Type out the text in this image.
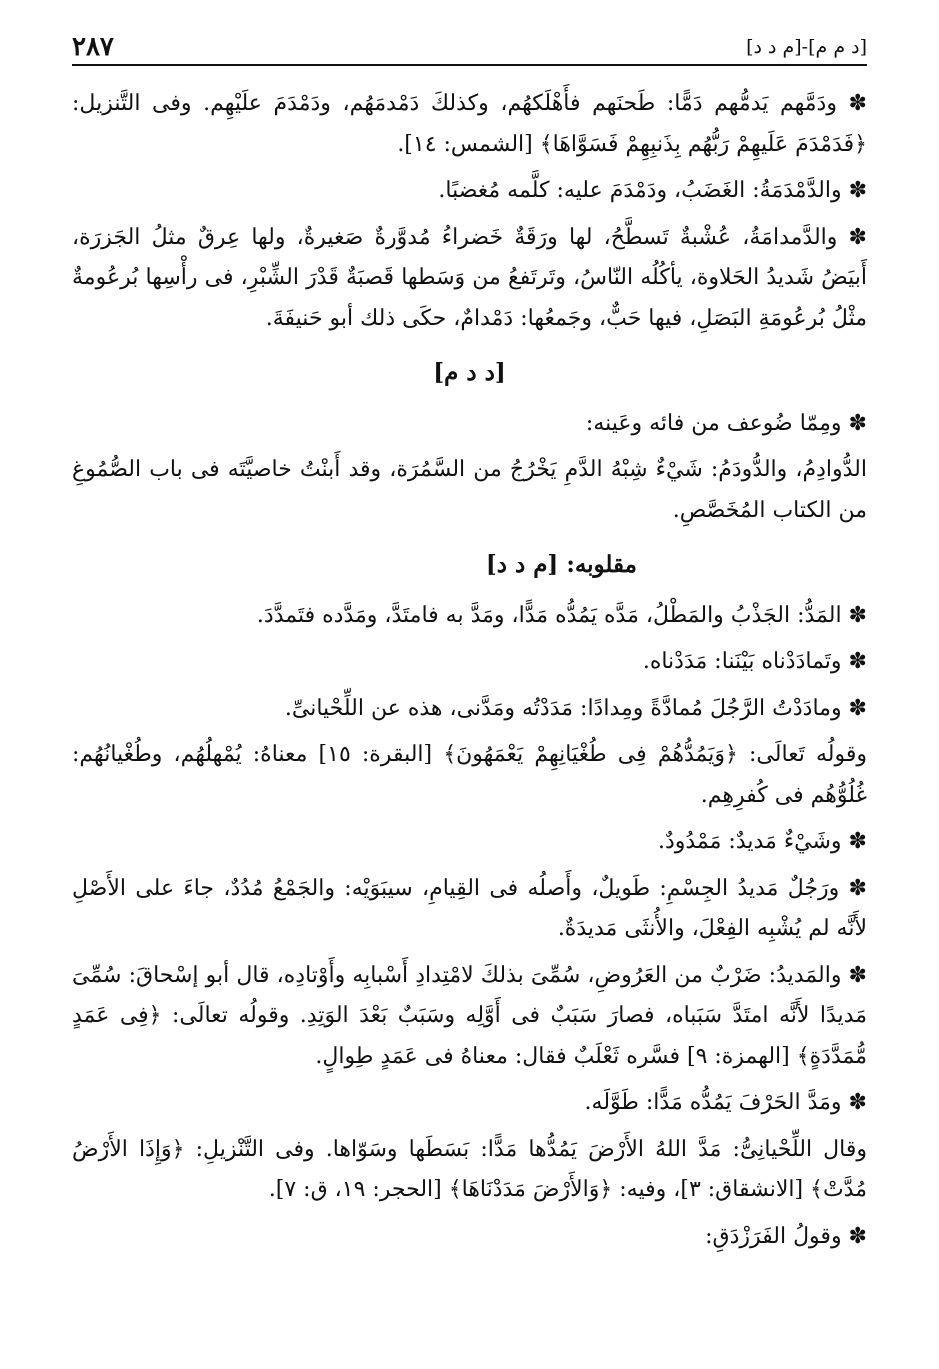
٢٨٧	[د م م]-[م د د]

✽ ودَمَّهم يَدمُّهم دَمًّا: طَحنَهم فأَهْلَكهُم، وكذلكَ دَمْدمَهُم، ودَمْدَمَ علَيْهِم. وفى التَّنزيل: ﴿فَدَمْدَمَ عَلَيهِمْ رَبُّهُم بِذَنبِهِمْ فَسَوَّاهَا﴾ [الشمس: ١٤].

✽ والدَّمْدَمَةُ: الغَضَبُ، ودَمْدَمَ عليه: كلَّمه مُغضبًا.

✽ والدَّمدامَةُ، عُشْبةٌ تَسطَّحُ، لها ورَقَةٌ خَضراءُ مُدوَّرةٌ صَغيرةٌ، ولها عِرقٌ مثلُ الجَزرَة، أَبيَضُ شَديدُ الحَلاوة، يأكُلُه النّاسُ، وتَرتَفعُ من وَسَطها قَصبَةٌ قَدْرَ الشِّبْرِ، فى رأْسِها بُرعُومةٌ مثْلُ بُرعُومَةِ البَصَلِ، فيها حَبٌّ، وجَمعُها: دَمْدامٌ، حكَى ذلك أبو حَنيفَةَ.

[د د م]

✽ ومِمّا ضُوعف من فائه وعَينه:

الدُّوادِمُ، والدُّودَمُ: شَيْءٌ شِبْهُ الدَّمِ يَخْرُجُ من السَّمُرَة، وقد أَبنْتُ خاصيَّتَه فى باب الصُّمُوغِ من الكتاب المُخَصَّصِ.

مقلوبه: [م د د]

✽ المَدُّ: الجَذْبُ والمَطْلُ، مَدَّه يَمُدُّه مَدًّا، ومَدَّ به فامتَدَّ، ومَدَّده فتَمدَّدَ.

✽ وتَمادَدْناه بَيْنَنا: مَدَدْناه.

✽ ومادَدْتُ الرَّجُلَ مُمادَّةً ومِدادًا: مَدَدْتُه ومَدَّنى، هذه عن اللِّحْيانىِّ.

وقولُه تَعالَى: ﴿وَيَمُدُّهُمْ فِى طُغْيَانِهِمْ يَعْمَهُونَ﴾ [البقرة: ١٥] معناهُ: يُمْهلُهُم، وطُغْيانُهُم: غُلُوُّهُم فى كُفرِهِم.

✽ وشَيْءٌ مَديدٌ: مَمْدُودٌ.

✽ ورَجُلٌ مَديدُ الجِسْمِ: طَويلٌ، وأَصلُه فى القِيامِ، سيبَوَيْه: والجَمْعُ مُدُدٌ، جاءَ على الأَصْلِ لأَنَّه لم يُشْبِه الفِعْلَ، والأُنثَى مَديدَةٌ.

✽ والمَديدُ: ضَرْبٌ من العَرُوضِ، سُمِّىَ بذلكَ لامْتِدادِ أَسْبابِه وأَوْتادِه، قال أبو إسْحاقَ: سُمِّىَ مَديدًا لأَنَّه امتَدَّ سَبَباه، فصارَ سَبَبٌ فى أَوَّلِه وسَبَبٌ بَعْدَ الوَتِدِ. وقولُه تعالَى: ﴿فِى عَمَدٍ مُّمَدَّدَةٍ﴾ [الهمزة: ٩] فسَّره ثَعْلَبٌ فقال: معناهُ فى عَمَدٍ طِوالٍ.

✽ ومَدَّ الحَرْفَ يَمُدُّه مَدًّا: طَوَّلَه.

وقال اللِّحْيانِىُّ: مَدَّ اللهُ الأَرْضَ يَمُدُّها مَدًّا: بَسَطَها وسَوّاها. وفى التَّنْزيلِ: ﴿وَإِذَا الأَرْضُ مُدَّتْ﴾ [الانشقاق: ٣]، وفيه: ﴿وَالأَرْضَ مَدَدْنَاهَا﴾ [الحجر: ١٩، ق: ٧].

✽ وقولُ الفَرَزْدَقِ:
